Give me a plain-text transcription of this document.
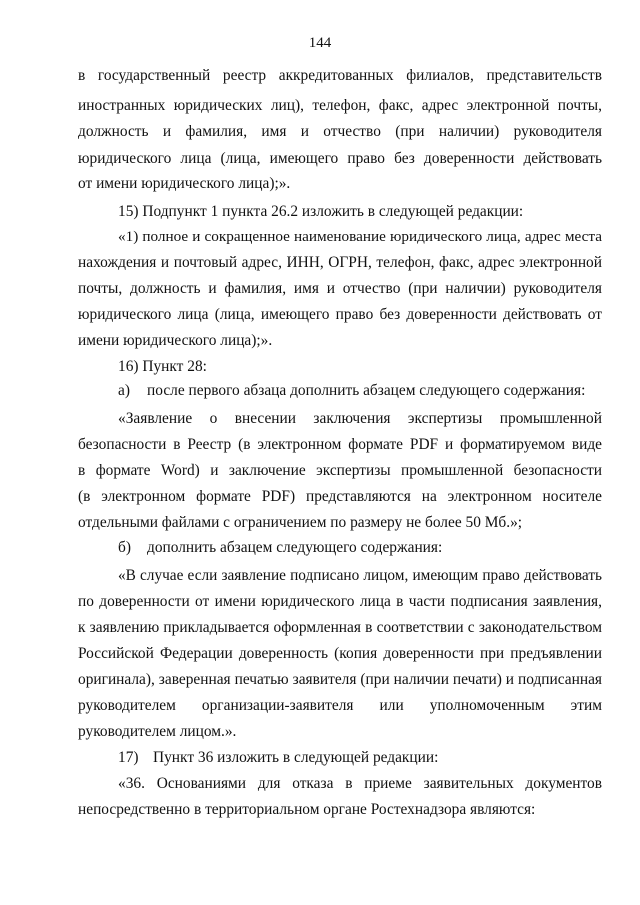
144
в государственный реестр аккредитованных филиалов, представительств
иностранных юридических лиц), телефон, факс, адрес электронной почты,
должность и фамилия, имя и отчество (при наличии) руководителя
юридического лица (лица, имеющего право без доверенности действовать
от имени юридического лица);».
15) Подпункт 1 пункта 26.2 изложить в следующей редакции:
«1) полное и сокращенное наименование юридического лица, адрес места
нахождения и почтовый адрес, ИНН, ОГРН, телефон, факс, адрес электронной
почты, должность и фамилия, имя и отчество (при наличии) руководителя
юридического лица (лица, имеющего право без доверенности действовать от
имени юридического лица);».
16) Пункт 28:
а) после первого абзаца дополнить абзацем следующего содержания:
«Заявление о внесении заключения экспертизы промышленной
безопасности в Реестр (в электронном формате PDF и форматируемом виде
в формате Word) и заключение экспертизы промышленной безопасности
(в электронном формате PDF) представляются на электронном носителе
отдельными файлами с ограничением по размеру не более 50 Мб.»;
б) дополнить абзацем следующего содержания:
«В случае если заявление подписано лицом, имеющим право действовать
по доверенности от имени юридического лица в части подписания заявления,
к заявлению прикладывается оформленная в соответствии с законодательством
Российской Федерации доверенность (копия доверенности при предъявлении
оригинала), заверенная печатью заявителя (при наличии печати) и подписанная
руководителем организации-заявителя или уполномоченным этим
руководителем лицом.».
17) Пункт 36 изложить в следующей редакции:
«36. Основаниями для отказа в приеме заявительных документов
непосредственно в территориальном органе Ростехнадзора являются:
